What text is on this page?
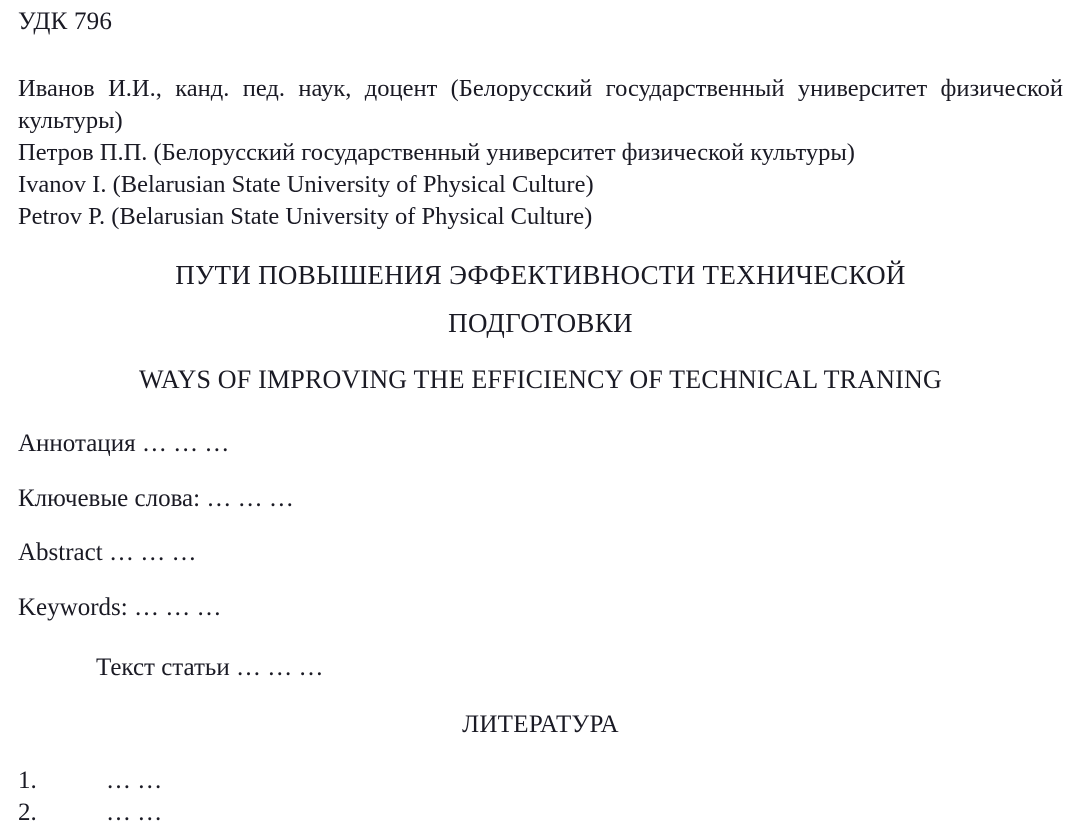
УДК 796

Иванов И.И., канд. пед. наук, доцент (Белорусский государственный университет физической культуры)

Петров П.П. (Белорусский государственный университет физической культуры)

Ivanov I. (Belarusian State University of Physical Culture)

Petrov P. (Belarusian State University of Physical Culture)

ПУТИ ПОВЫШЕНИЯ ЭФФЕКТИВНОСТИ ТЕХНИЧЕСКОЙ
ПОДГОТОВКИ
WAYS OF IMPROVING THE EFFICIENCY OF TECHNICAL TRANING

Аннотация … … …

Ключевые слова: … … …

Abstract … … …

Keywords: … … …

Текст статьи … … …

ЛИТЕРАТУРА
1.	… …
2.	… …
